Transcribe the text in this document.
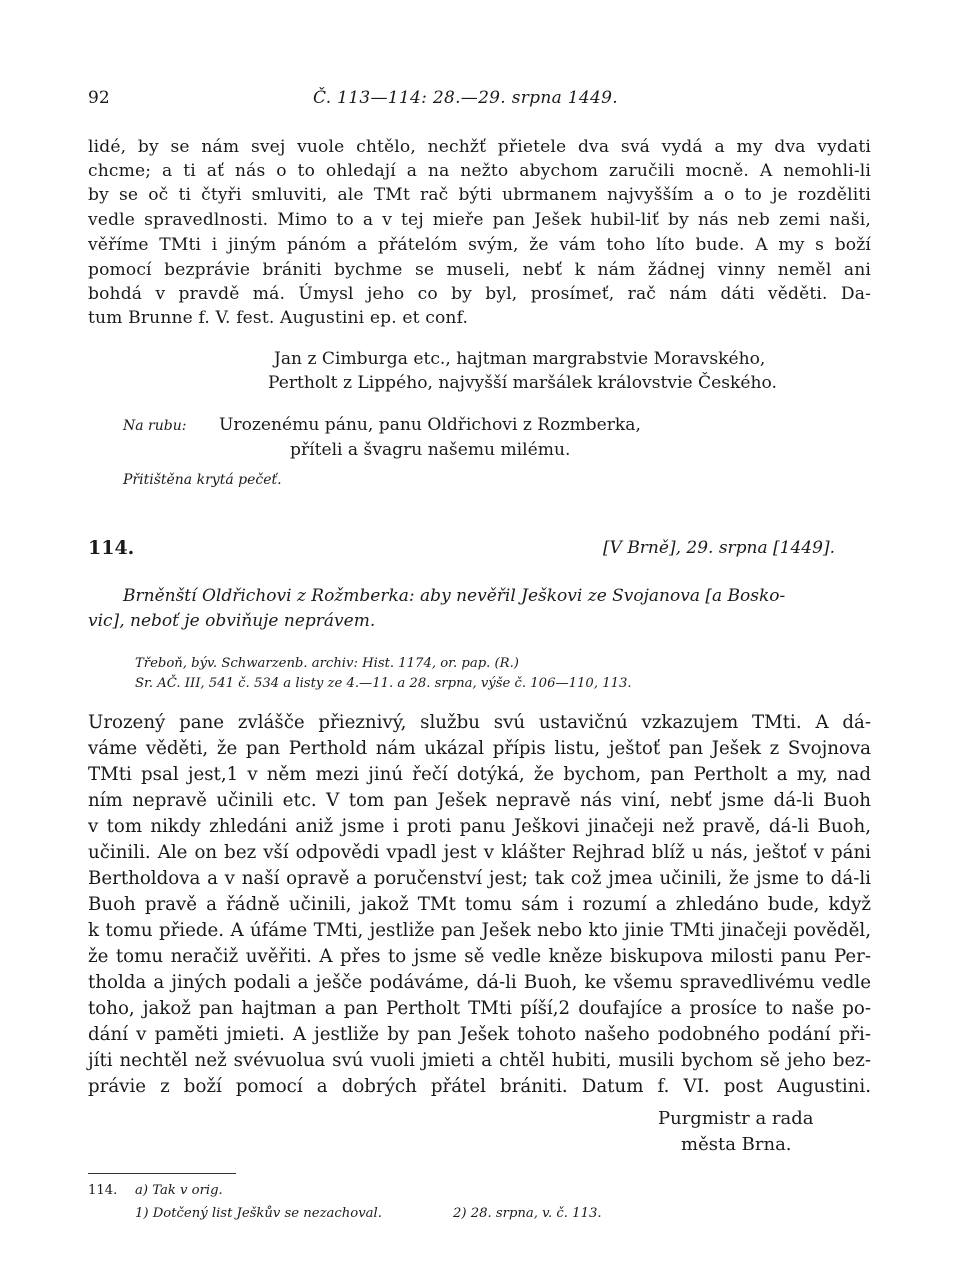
92	Č. 113—114: 28.—29. srpna 1449.
lidé, by se nám svej vuole chtělo, nechžť přietele dva svá vydá a my dva vydati
chcme; a ti ať nás o to ohledají a na nežto abychom zaručili mocně. A nemohli-li
by se oč ti čtyři smluviti, ale TMt rač býti ubrmanem najvyšším a o to je rozděliti
vedle spravedlnosti. Mimo to a v tej mieře pan Ješek hubil-liť by nás neb zemi naši,
věříme TMti i jiným pánóm a přátelóm svým, že vám toho líto bude. A my s boží
pomocí bezprávie brániti bychme se museli, nebť k nám žádnej vinny neměl ani
bohdá v pravdě má. Úmysl jeho co by byl, prosímeť, rač nám dáti věděti. Da-
tum Brunne f. V. fest. Augustini ep. et conf.
Jan z Cimburga etc., hajtman margrabstvie Moravského,
Pertholt z Lippého, najvyšší maršálek královstvie Českého.
Na rubu: Urozenému pánu, panu Oldřichovi z Rozmberka,
příteli a švagru našemu milému.
Přitištěna krytá pečeť.
114.	[V Brně], 29. srpna [1449].
Brněnští Oldřichovi z Rožmberka: aby nevěřil Ješkovi ze Svojanova [a Bosko-
vic], neboť je obviňuje neprávem.
Třeboň, býv. Schwarzenb. archiv: Hist. 1174, or. pap. (R.)
Sr. AČ. III, 541 č. 534 a listy ze 4.—11. a 28. srpna, výše č. 106—110, 113.
Urozený pane zvlášče přieznivý, službu svú ustavičnú vzkazujem TMti. A dá-
váme věděti, že pan Perthold nám ukázal přípis listu, ještoť pan Ješek z Svojnova
TMti psal jest,1 v něm mezi jinú řečí dotýká, že bychom, pan Pertholt a my, nad
ním nepravě učinili etc. V tom pan Ješek nepravě nás viní, nebť jsme dá-li Buoh
v tom nikdy zhledáni aniž jsme i proti panu Ješkovi jinačeji než pravě, dá-li Buoh,
učinili. Ale on bez vší odpovědi vpadl jest v klášter Rejhrad blíž u nás, ještoť v páni
Bertholdova a v naší opravě a poručenství jest; tak což jmea učinili, že jsme to dá-li
Buoh pravě a řádně učinili, jakož TMt tomu sám i rozumí a zhledáno bude, když
k tomu přiede. A úfáme TMti, jestliže pan Ješek nebo kto jinie TMti jinačeji pověděl,
že tomu neračiž uvěřiti. A přes to jsme sě vedle kněze biskupova milosti panu Per-
tholda a jiných podali a ješče podáváme, dá-li Buoh, ke všemu spravedlivému vedle
toho, jakož pan hajtman a pan Pertholt TMti píší,2 doufajíce a prosíce to naše po-
dání v paměti jmieti. A jestliže by pan Ješek tohoto našeho podobného podání při-
jíti nechtěl než svévuolua svú vuoli jmieti a chtěl hubiti, musili bychom sě jeho bez-
právie z boží pomocí a dobrých přátel brániti. Datum f. VI. post Augustini.
Purgmistr a rada
města Brna.
114. a) Tak v orig.
1) Dotčený list Ješkův se nezachoval.	2) 28. srpna, v. č. 113.
